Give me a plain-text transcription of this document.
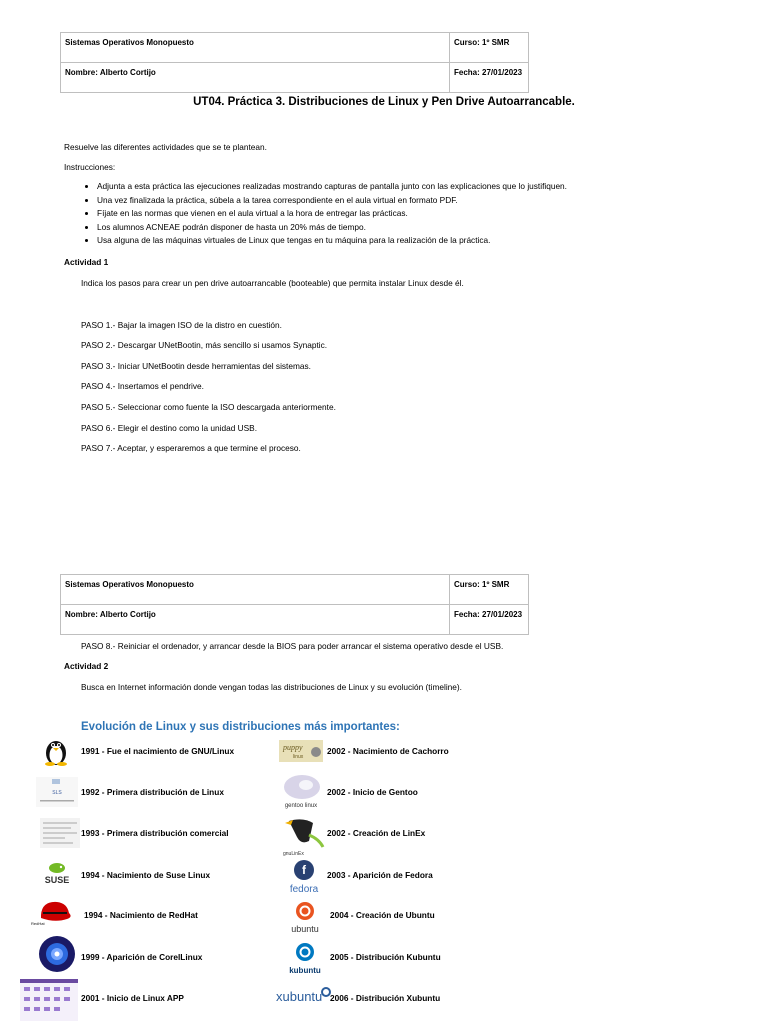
Sistemas Operativos Monopuesto	Curso: 1º SMR
Nombre: Alberto Cortijo	Fecha: 27/01/2023
UT04. Práctica 3. Distribuciones de Linux y Pen Drive Autoarrancable.
Resuelve las diferentes actividades que se te plantean.
Instrucciones:
• Adjunta a esta práctica las ejecuciones realizadas mostrando capturas de pantalla junto con las explicaciones que lo justifiquen.
• Una vez finalizada la práctica, súbela a la tarea correspondiente en el aula virtual en formato PDF.
• Fíjate en las normas que vienen en el aula virtual a la hora de entregar las prácticas.
• Los alumnos ACNEAE podrán disponer de hasta un 20% más de tiempo.
• Usa alguna de las máquinas virtuales de Linux que tengas en tu máquina para la realización de la práctica.
Actividad 1
Indica los pasos para crear un pen drive autoarrancable (booteable) que permita instalar Linux desde él.
PASO 1.- Bajar la imagen ISO de la distro en cuestión.
PASO 2.- Descargar UNetBootin, más sencillo si usamos Synaptic.
PASO 3.- Iniciar UNetBootin desde herramientas del sistemas.
PASO 4.- Insertamos el pendrive.
PASO 5.- Seleccionar como fuente la ISO descargada anteriormente.
PASO 6.- Elegir el destino como la unidad USB.
PASO 7.- Aceptar, y esperaremos a que termine el proceso.
Sistemas Operativos Monopuesto	Curso: 1º SMR
Nombre: Alberto Cortijo	Fecha: 27/01/2023
PASO 8.- Reiniciar el ordenador, y arrancar desde la BIOS para poder arrancar el sistema operativo desde el USB.
Actividad 2
Busca en Internet información donde vengan todas las distribuciones de Linux y su evolución (timeline).
Evolución de Linux y sus distribuciones más importantes:
1991 - Fue el nacimiento de GNU/Linux
SLS 1992 - Primera distribución de Linux
1993 - Primera distribución comercial
SUSE 1994 - Nacimiento de Suse Linux
RedHat
1994 - Nacimiento de RedHat
1999 - Aparición de CorelLinux
2001 - Inicio de Linux APP
puppy
linux
2002 - Nacimiento de Cachorro
gentoo linux
2002 - Inicio de Gentoo
gnuLinEx
2002 - Creación de LinEx
f
fedora
2003 - Aparición de Fedora
ubuntu
2004 - Creación de Ubuntu
kubuntu
2005 - Distribución Kubuntu
xubuntu 2006 - Distribución Xubuntu
